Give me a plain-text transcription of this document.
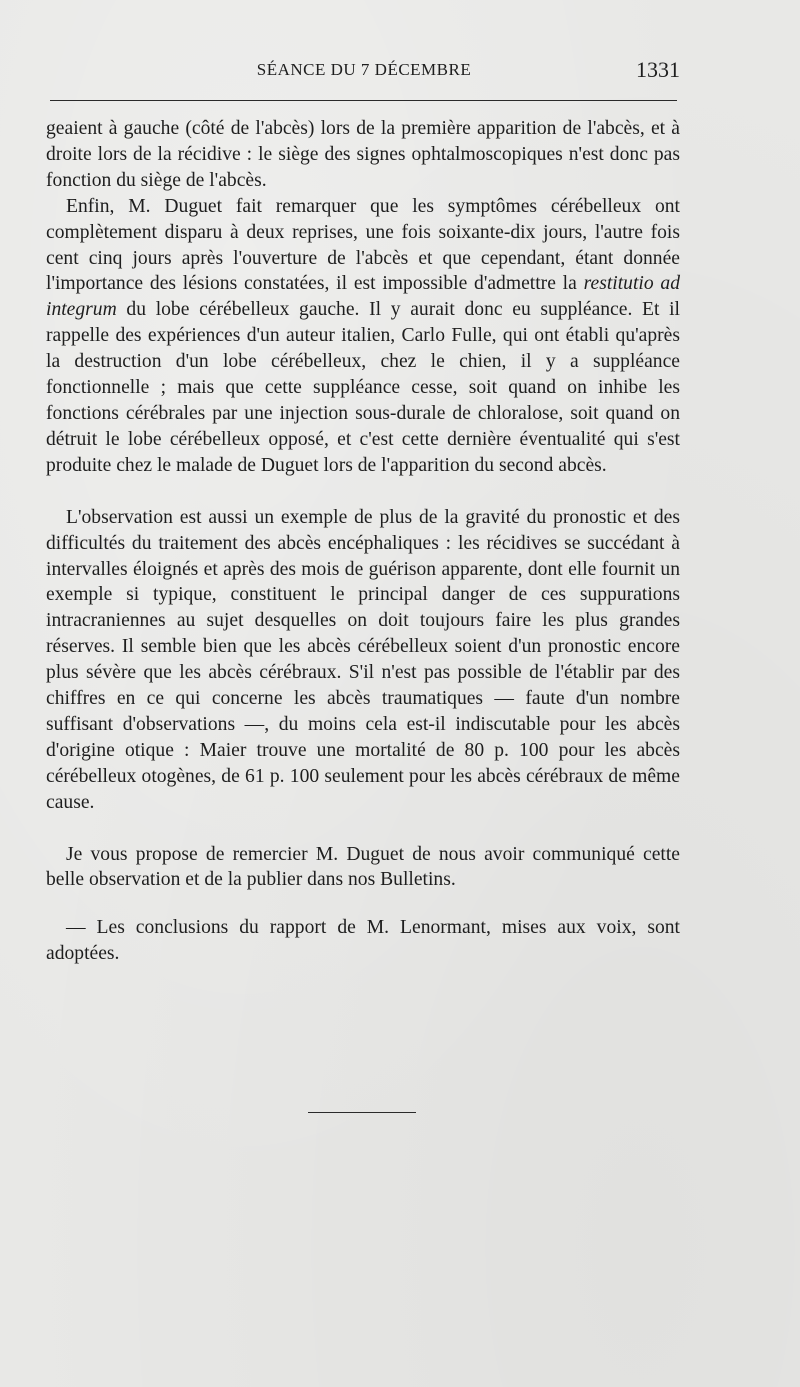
SÉANCE DU 7 DÉCEMBRE	1331

geaient à gauche (côté de l'abcès) lors de la première apparition de l'abcès, et à droite lors de la récidive : le siège des signes ophtalmoscopiques n'est donc pas fonction du siège de l'abcès.

Enfin, M. Duguet fait remarquer que les symptômes cérébelleux ont complètement disparu à deux reprises, une fois soixante-dix jours, l'autre fois cent cinq jours après l'ouverture de l'abcès et que cependant, étant donnée l'importance des lésions constatées, il est impossible d'admettre la restitutio ad integrum du lobe cérébelleux gauche. Il y aurait donc eu suppléance. Et il rappelle des expériences d'un auteur italien, Carlo Fulle, qui ont établi qu'après la destruction d'un lobe cérébelleux, chez le chien, il y a suppléance fonctionnelle ; mais que cette suppléance cesse, soit quand on inhibe les fonctions cérébrales par une injection sous-durale de chloralose, soit quand on détruit le lobe cérébelleux opposé, et c'est cette dernière éventualité qui s'est produite chez le malade de Duguet lors de l'apparition du second abcès.

L'observation est aussi un exemple de plus de la gravité du pronostic et des difficultés du traitement des abcès encéphaliques : les récidives se succédant à intervalles éloignés et après des mois de guérison apparente, dont elle fournit un exemple si typique, constituent le principal danger de ces suppurations intracraniennes au sujet desquelles on doit toujours faire les plus grandes réserves. Il semble bien que les abcès cérébelleux soient d'un pronostic encore plus sévère que les abcès cérébraux. S'il n'est pas possible de l'établir par des chiffres en ce qui concerne les abcès traumatiques — faute d'un nombre suffisant d'observations —, du moins cela est-il indiscutable pour les abcès d'origine otique : Maier trouve une mortalité de 80 p. 100 pour les abcès cérébelleux otogènes, de 61 p. 100 seulement pour les abcès cérébraux de même cause.

Je vous propose de remercier M. Duguet de nous avoir communiqué cette belle observation et de la publier dans nos Bulletins.

— Les conclusions du rapport de M. Lenormant, mises aux voix, sont adoptées.
